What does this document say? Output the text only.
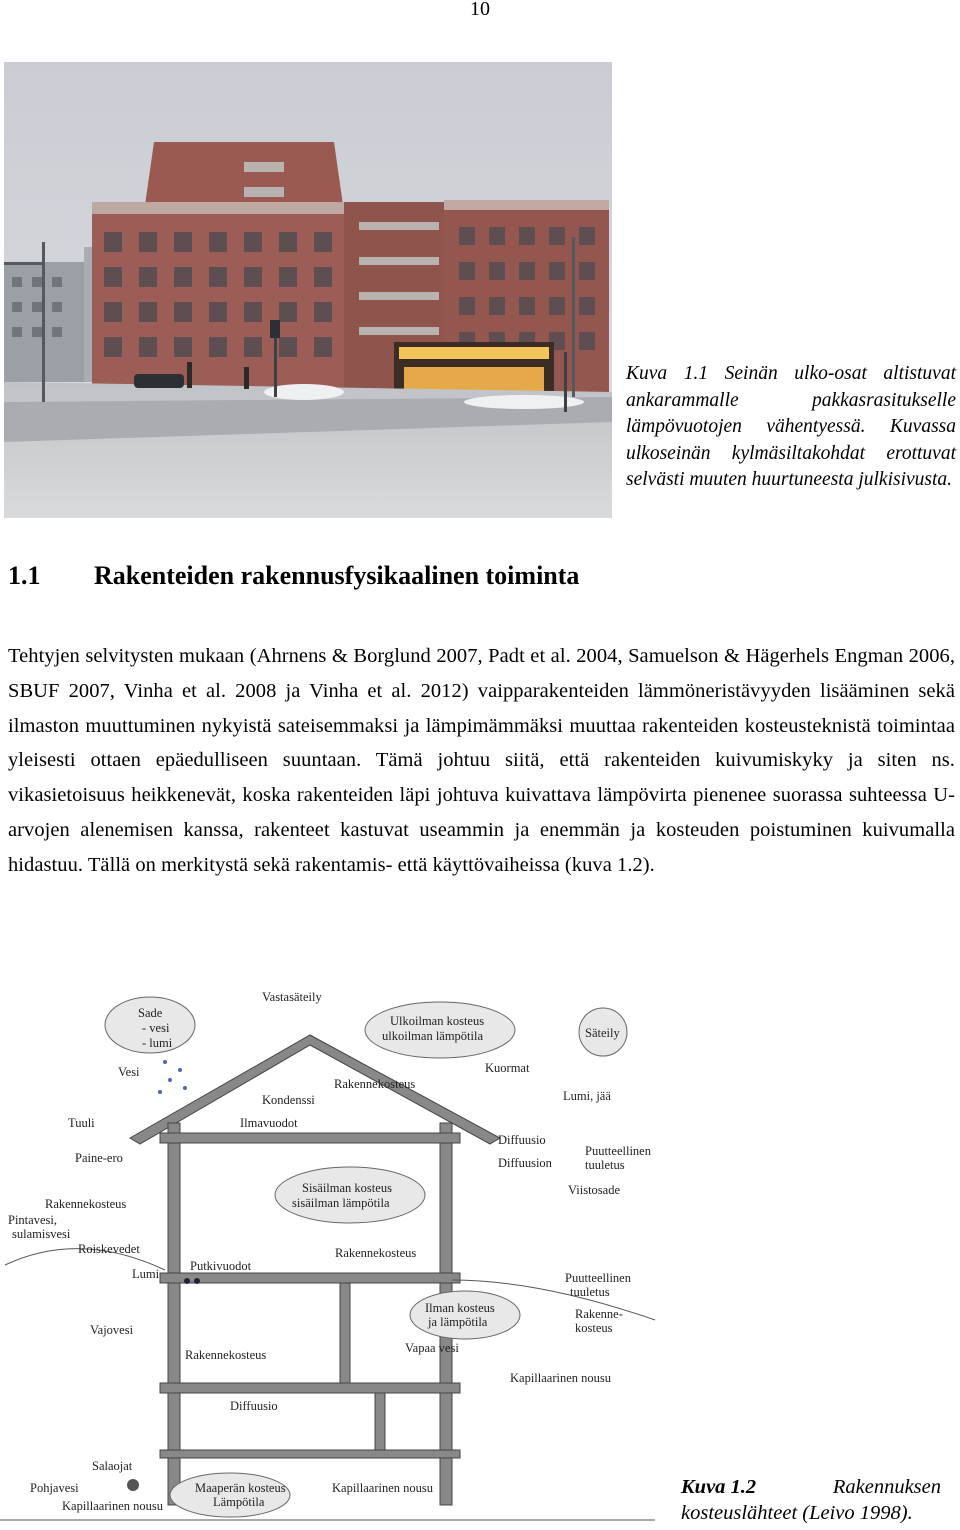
10
Kuva 1.1 Seinän ulko-osat altistuvat ankarammalle pakkasrasitukselle lämpövuotojen vähentyessä. Kuvassa ulkoseinän kylmäsiltakohdat erottuvat selvästi muuten huurtuneesta julkisivusta.
1.1 Rakenteiden rakennusfysikaalinen toiminta
Tehtyjen selvitysten mukaan (Ahrnens & Borglund 2007, Padt et al. 2004, Samuelson & Hägerhels Engman 2006, SBUF 2007, Vinha et al. 2008 ja Vinha et al. 2012) vaipparakenteiden lämmöneristävyyden lisääminen sekä ilmaston muuttuminen nykyistä sateisemmaksi ja lämpimämmäksi muuttaa rakenteiden kosteusteknistä toimintaa yleisesti ottaen epäedulliseen suuntaan. Tämä johtuu siitä, että rakenteiden kuivumiskyky ja siten ns. vikasietoisuus heikkenevät, koska rakenteiden läpi johtuva kuivattava lämpövirta pienenee suorassa suhteessa U-arvojen alenemisen kanssa, rakenteet kastuvat useammin ja enemmän ja kosteuden poistuminen kuivumalla hidastuu. Tällä on merkitystä sekä rakentamis- että käyttövaiheissa (kuva 1.2).
Sade
- vesi
- lumi
Vesi
Vastasäteily
Ulkoilman kosteus
ulkoilman lämpötila	Säteily
Kuormat
Lumi, jää
Rakennekosteus
Kondenssi
Ilmavuodot
Tuuli
Paine-ero
Diffuusio
Diffuusion
Puutteellinen
tuuletus
Viistosade
Rakennekosteus
Pintavesi,
sulamisvesi
Roiskevedet
Sisäilman kosteus
sisäilman lämpötila
Rakennekosteus
Lumi
Putkivuodot
Puutteellinen
tuuletus
Ilman kosteus
ja lämpötila
Rakenne-
kosteus
Vajovesi
Rakennekosteus	Vapaa vesi
Kapillaarinen nousu
Diffuusio
Salaojat
Pohjavesi
Kapillaarinen nousu
Maaperän kosteus
Lämpötila
Kapillaarinen nousu	Kuva 1.2	Rakennuksen
kosteuslähteet (Leivo 1998).
